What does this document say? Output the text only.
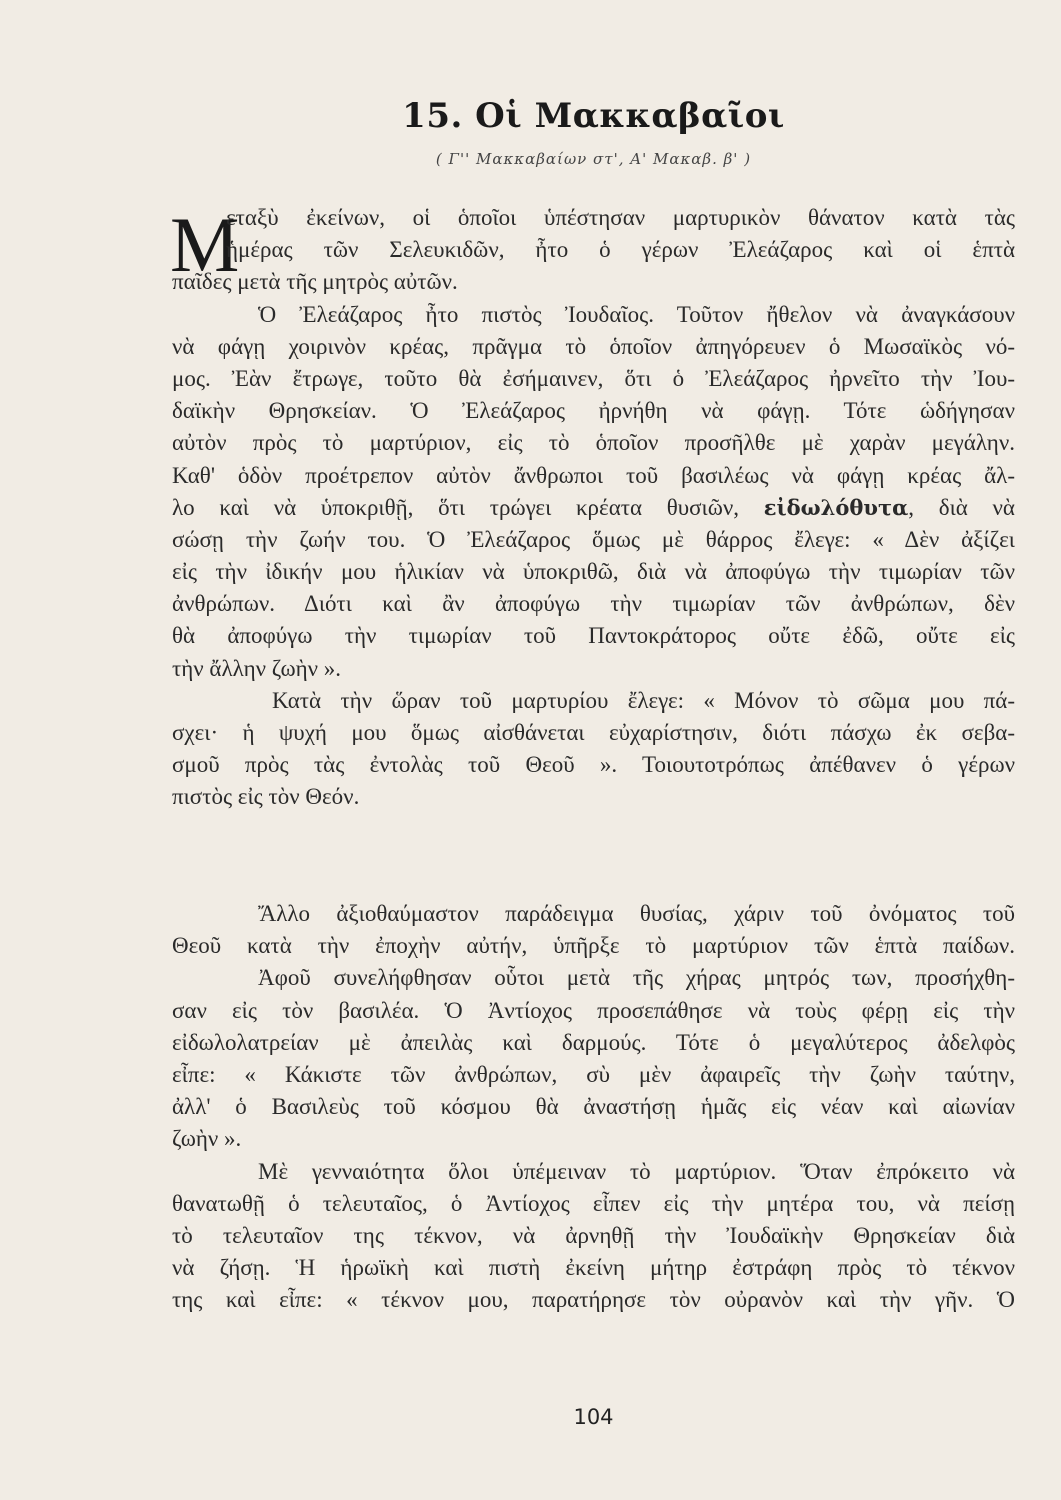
15. Οἱ Μακκαβαῖοι
( Γ'' Μακκαβαίων στ', Α' Μακαβ. β' )
M
εταξὺ ἐκείνων, οἱ ὁποῖοι ὑπέστησαν μαρτυρικὸν θάνατον κατὰ τὰς
ἡμέρας τῶν Σελευκιδῶν, ἦτο ὁ γέρων Ἐλεάζαρος καὶ οἱ ἑπτὰ
παῖδες μετὰ τῆς μητρὸς αὐτῶν.
Ὁ Ἐλεάζαρος ἦτο πιστὸς Ἰουδαῖος. Τοῦτον ἤθελον νὰ ἀναγκάσουν
νὰ φάγῃ χοιρινὸν κρέας, πρᾶγμα τὸ ὁποῖον ἀπηγόρευεν ὁ Μωσαϊκὸς νό-
μος. Ἐὰν ἔτρωγε, τοῦτο θὰ ἐσήμαινεν, ὅτι ὁ Ἐλεάζαρος ἠρνεῖτο τὴν Ἰου-
δαϊκὴν Θρησκείαν. Ὁ Ἐλεάζαρος ἠρνήθη νὰ φάγῃ. Τότε ὡδήγησαν
αὐτὸν πρὸς τὸ μαρτύριον, εἰς τὸ ὁποῖον προσῆλθε μὲ χαρὰν μεγάλην.
Καθ' ὁδὸν προέτρεπον αὐτὸν ἄνθρωποι τοῦ βασιλέως νὰ φάγῃ κρέας ἄλ-
λο καὶ νὰ ὑποκριθῇ, ὅτι τρώγει κρέατα θυσιῶν, εἰδωλόθυτα, διὰ νὰ
σώσῃ τὴν ζωήν του. Ὁ Ἐλεάζαρος ὅμως μὲ θάρρος ἔλεγε: « Δὲν ἀξίζει
εἰς τὴν ἰδικήν μου ἡλικίαν νὰ ὑποκριθῶ, διὰ νὰ ἀποφύγω τὴν τιμωρίαν τῶν
ἀνθρώπων. Διότι καὶ ἂν ἀποφύγω τὴν τιμωρίαν τῶν ἀνθρώπων, δὲν
θὰ ἀποφύγω τὴν τιμωρίαν τοῦ Παντοκράτορος οὔτε ἐδῶ, οὔτε εἰς
τὴν ἄλλην ζωὴν ».
Κατὰ τὴν ὥραν τοῦ μαρτυρίου ἔλεγε: « Μόνον τὸ σῶμα μου πά-
σχει· ἡ ψυχή μου ὅμως αἰσθάνεται εὐχαρίστησιν, διότι πάσχω ἐκ σεβα-
σμοῦ πρὸς τὰς ἐντολὰς τοῦ Θεοῦ ». Τοιουτοτρόπως ἀπέθανεν ὁ γέρων
πιστὸς εἰς τὸν Θεόν.
Ἄλλο ἀξιοθαύμαστον παράδειγμα θυσίας, χάριν τοῦ ὀνόματος τοῦ
Θεοῦ κατὰ τὴν ἐποχὴν αὐτήν, ὑπῆρξε τὸ μαρτύριον τῶν ἑπτὰ παίδων.
Ἀφοῦ συνελήφθησαν οὗτοι μετὰ τῆς χήρας μητρός των, προσήχθη-
σαν εἰς τὸν βασιλέα. Ὁ Ἀντίοχος προσεπάθησε νὰ τοὺς φέρῃ εἰς τὴν
εἰδωλολατρείαν μὲ ἀπειλὰς καὶ δαρμούς. Τότε ὁ μεγαλύτερος ἀδελφὸς
εἶπε: « Κάκιστε τῶν ἀνθρώπων, σὺ μὲν ἀφαιρεῖς τὴν ζωὴν ταύτην,
ἀλλ' ὁ Βασιλεὺς τοῦ κόσμου θὰ ἀναστήσῃ ἡμᾶς εἰς νέαν καὶ αἰωνίαν
ζωὴν ».
Μὲ γενναιότητα ὅλοι ὑπέμειναν τὸ μαρτύριον. Ὅταν ἐπρόκειτο νὰ
θανατωθῇ ὁ τελευταῖος, ὁ Ἀντίοχος εἶπεν εἰς τὴν μητέρα του, νὰ πείσῃ
τὸ τελευταῖον της τέκνον, νὰ ἀρνηθῇ τὴν Ἰουδαϊκὴν Θρησκείαν διὰ
νὰ ζήσῃ. Ἡ ἡρωϊκὴ καὶ πιστὴ ἐκείνη μήτηρ ἐστράφη πρὸς τὸ τέκνον
της καὶ εἶπε: « τέκνον μου, παρατήρησε τὸν οὐρανὸν καὶ τὴν γῆν. Ὁ
104
